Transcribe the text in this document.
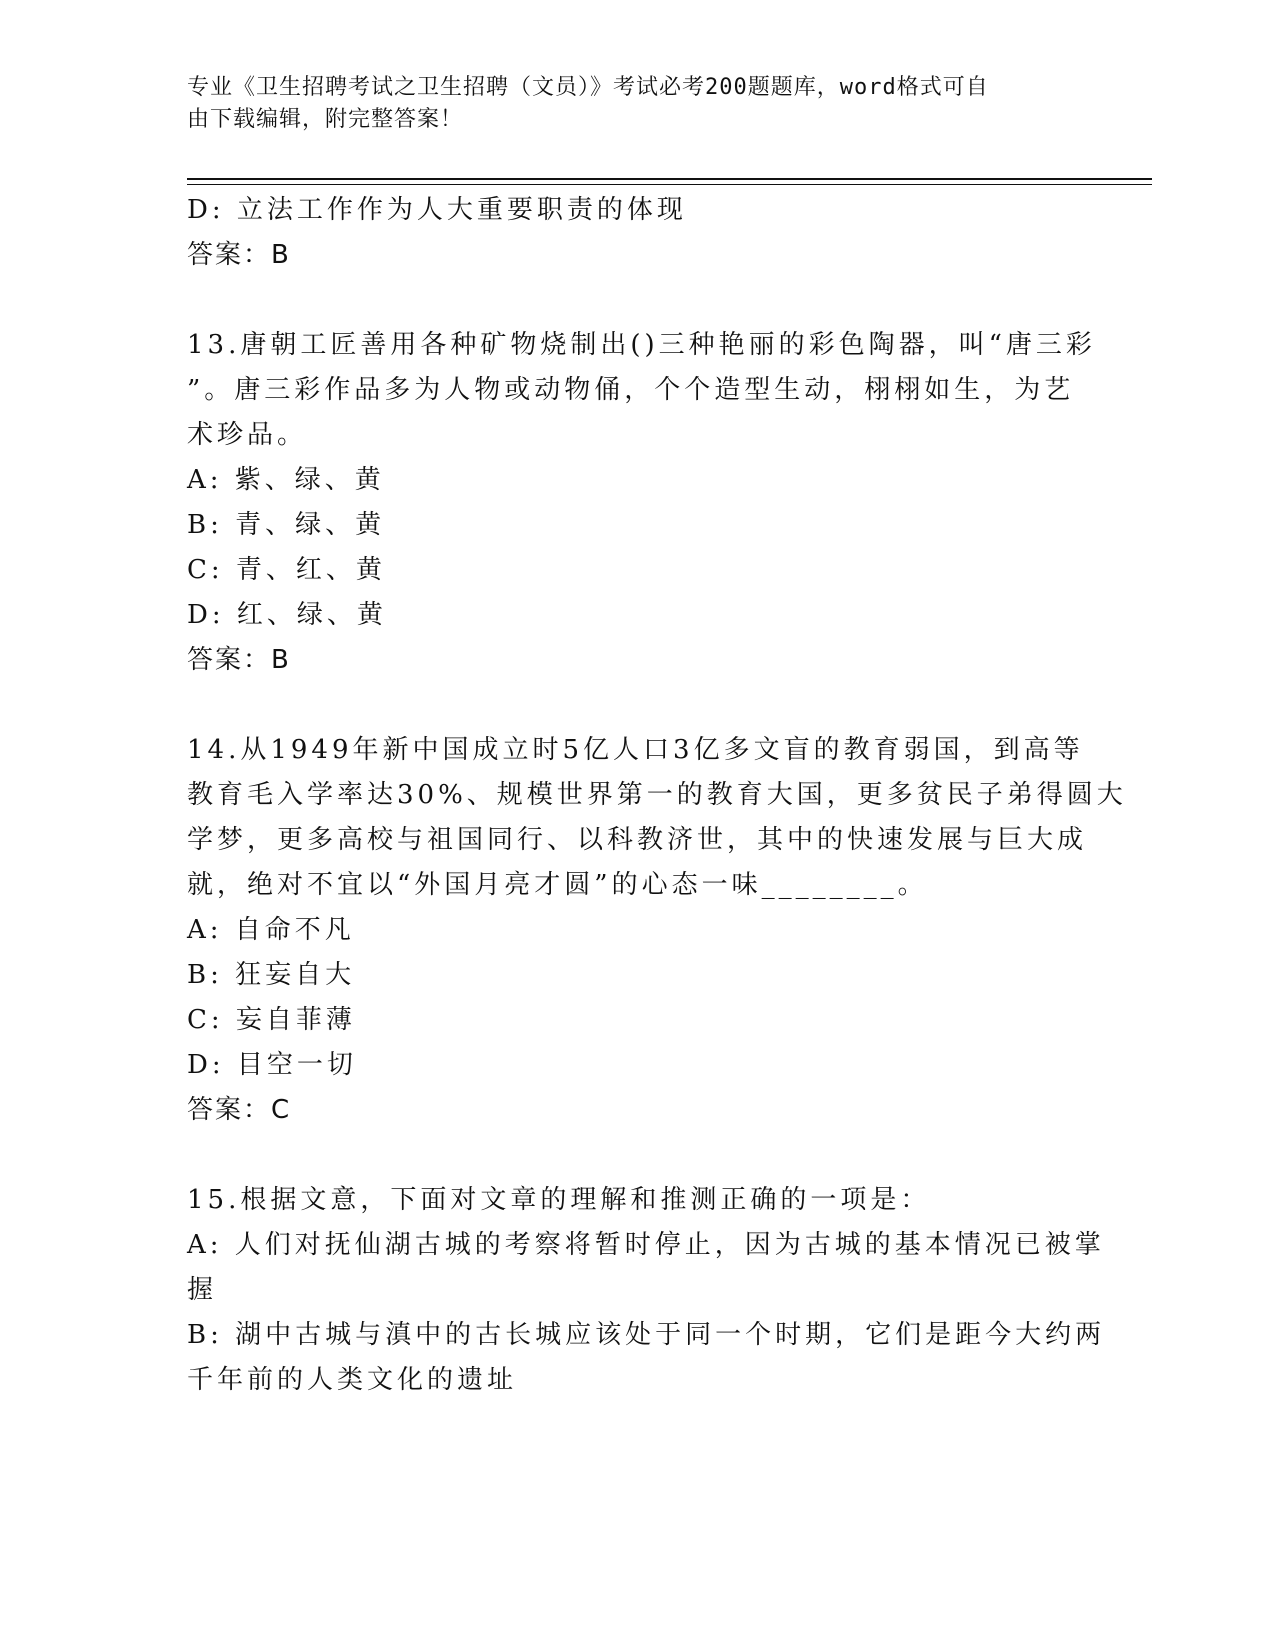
专业《卫生招聘考试之卫生招聘（文员）》考试必考200题题库，word格式可自
由下载编辑，附完整答案！
D: 立法工作作为人大重要职责的体现
答案：B
13.唐朝工匠善用各种矿物烧制出()三种艳丽的彩色陶器，叫“唐三彩
”。唐三彩作品多为人物或动物俑，个个造型生动，栩栩如生，为艺
术珍品。
A: 紫、绿、黄
B: 青、绿、黄
C: 青、红、黄
D: 红、绿、黄
答案：B
14.从1949年新中国成立时5亿人口3亿多文盲的教育弱国，到高等
教育毛入学率达30%、规模世界第一的教育大国，更多贫民子弟得圆大
学梦，更多高校与祖国同行、以科教济世，其中的快速发展与巨大成
就，绝对不宜以“外国月亮才圆”的心态一味________。
A: 自命不凡
B: 狂妄自大
C: 妄自菲薄
D: 目空一切
答案：C
15.根据文意，下面对文章的理解和推测正确的一项是：
A: 人们对抚仙湖古城的考察将暂时停止，因为古城的基本情况已被掌
握
B: 湖中古城与滇中的古长城应该处于同一个时期，它们是距今大约两
千年前的人类文化的遗址
